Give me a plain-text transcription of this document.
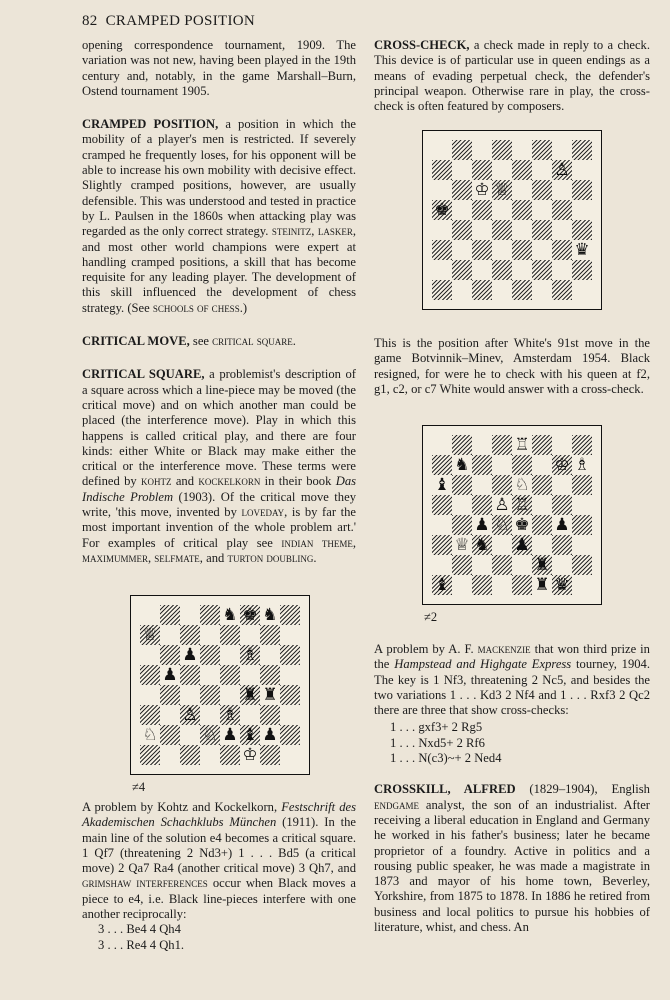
82 CRAMPED POSITION

opening correspondence tournament, 1909. The variation was not new, having been played in the 19th century and, notably, in the game Marshall–Burn, Ostend tournament 1905.

CRAMPED POSITION, a position in which the mobility of a player's men is restricted. If severely cramped he frequently loses, for his opponent will be able to increase his own mobility with decisive effect. Slightly cramped positions, however, are usually defensible. This was understood and tested in practice by L. Paulsen in the 1860s when attacking play was regarded as the only correct strategy. steinitz, lasker, and most other world champions were expert at handling cramped positions, a skill that has become requisite for any leading player. The development of this skill influenced the development of chess strategy. (See schools of chess.)

CRITICAL MOVE, see critical square.

CRITICAL SQUARE, a problemist's description of a square across which a line-piece may be moved (the critical move) and on which another man could be placed (the interference move). Play in which this happens is called critical play, and there are four kinds: either White or Black may make either the critical or the interference move. These terms were defined by kohtz and kockelkorn in their book Das Indische Problem (1903). Of the critical move they write, 'this move, invented by loveday, is by far the most important invention of the whole problem art.' For examples of critical play see indian theme, maximummer, selfmate, and turton doubling.

♞ ♚ ♞
♕
♟	♗
♟
♜
♜
♙ ♗
♘	♘ ♟ ♝ ♟
♔
≠4

A problem by Kohtz and Kockelkorn, Festschrift des Akademischen Schachklubs München (1911). In the main line of the solution e4 becomes a critical square. 1 Qf7 (threatening 2 Nd3+) 1 . . . Bd5 (a critical move) 2 Qa7 Ra4 (another critical move) 3 Qh7, and grimshaw interferences occur when Black moves a piece to e4, i.e. Black line-pieces interfere with one another reciprocally:

3 . . . Be4 4 Qh4
3 . . . Re4 4 Qh1.

CROSS-CHECK, a check made in reply to a check. This device is of particular use in queen endings as a means of evading perpetual check, the defender's principal weapon. Otherwise rare in play, the cross-check is often featured by composers.

♙
♔ ♕
♚
♛

This is the position after White's 91st move in the game Botvinnik–Minev, Amsterdam 1954. Black resigned, for were he to check with his queen at f2, g1, c2, or c7 White would answer with a cross-check.

♖
♞	♔ ♗
♝	♘
♙ ♖
♟ ♘ ♚ ♟
♕ ♞ ♟
♜
♝	♜ ♛
≠2

A problem by A. F. mackenzie that won third prize in the Hampstead and Highgate Express tourney, 1904. The key is 1 Nf3, threatening 2 Nc5, and besides the two variations 1 . . . Kd3 2 Nf4 and 1 . . . Rxf3 2 Qc2 there are three that show cross-checks:

1 . . . gxf3+ 2 Rg5
1 . . . Nxd5+ 2 Rf6
1 . . . N(c3)~+ 2 Ned4

CROSSKILL, ALFRED (1829–1904), English endgame analyst, the son of an industrialist. After receiving a liberal education in England and Germany he worked in his father's business; later he became proprietor of a foundry. Active in politics and a rousing public speaker, he was made a magistrate in 1873 and mayor of his home town, Beverley, Yorkshire, from 1875 to 1878. In 1886 he retired from business and local politics to pursue his hobbies of literature, whist, and chess. An
